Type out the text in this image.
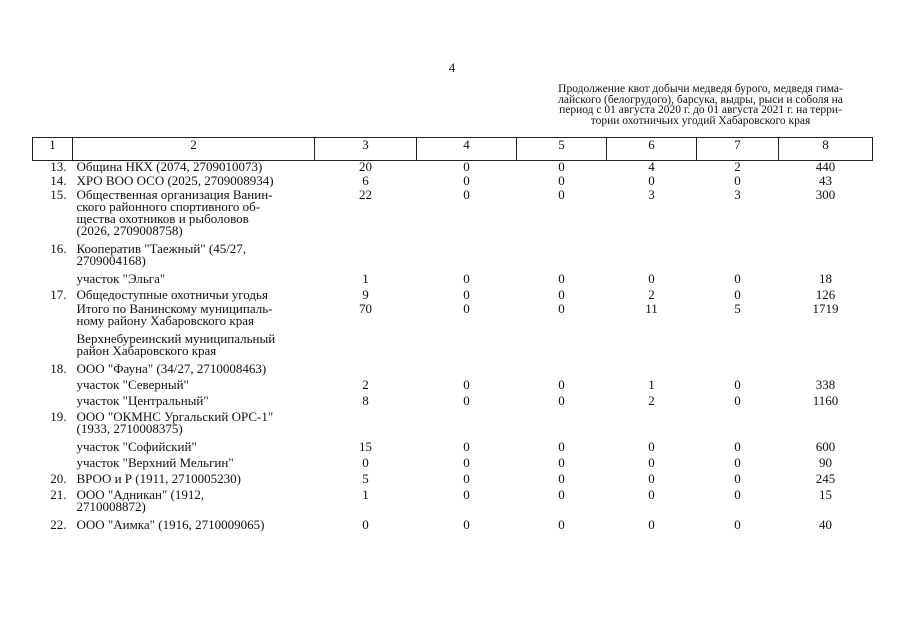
4
Продолжение квот добычи медведя бурого, медведя гима-
лайского (белогрудого), барсука, выдры, рыси и соболя на
период с 01 августа 2020 г. до 01 августа 2021 г. на терри-
тории охотничьих угодий Хабаровского края
1	2	3	4	5	6	7	8
13.	Община НКХ (2074, 2709010073)	20	0	0	4	2	440
14.	ХРО ВОО ОСО (2025, 2709008934)	6	0	0	0	0	43
15.	Общественная организация Ванин-
ского районного спортивного об-
щества охотников и рыболовов
(2026, 2709008758)	22	0	0	3	3	300
16.	Кооператив "Таежный" (45/27,
2709004168)						

	участок "Эльга"	1	0	0	0	0	18
17.	Общедоступные охотничьи угодья	9	0	0	2	0	126

	Итого по Ванинскому муниципаль-
ному району Хабаровского края	70	0	0	11	5	1719

	Верхнебуреинский муниципальный
район Хабаровского края						

18.	ООО "Фауна" (34/27, 2710008463)						

	участок "Северный"	2	0	0	1	0	338

	участок "Центральный"	8	0	0	2	0	1160
19.	ООО "ОКМНС Ургальский ОРС-1"
(1933, 2710008375)						

	участок "Софийский"	15	0	0	0	0	600

	участок "Верхний Мельгин"	0	0	0	0	0	90
20.	ВРОО и Р (1911, 2710005230)	5	0	0	0	0	245
21.	ООО "Адникан" (1912,
2710008872)	1	0	0	0	0	15
22.	ООО "Аимка" (1916, 2710009065)	0	0	0	0	0	40
